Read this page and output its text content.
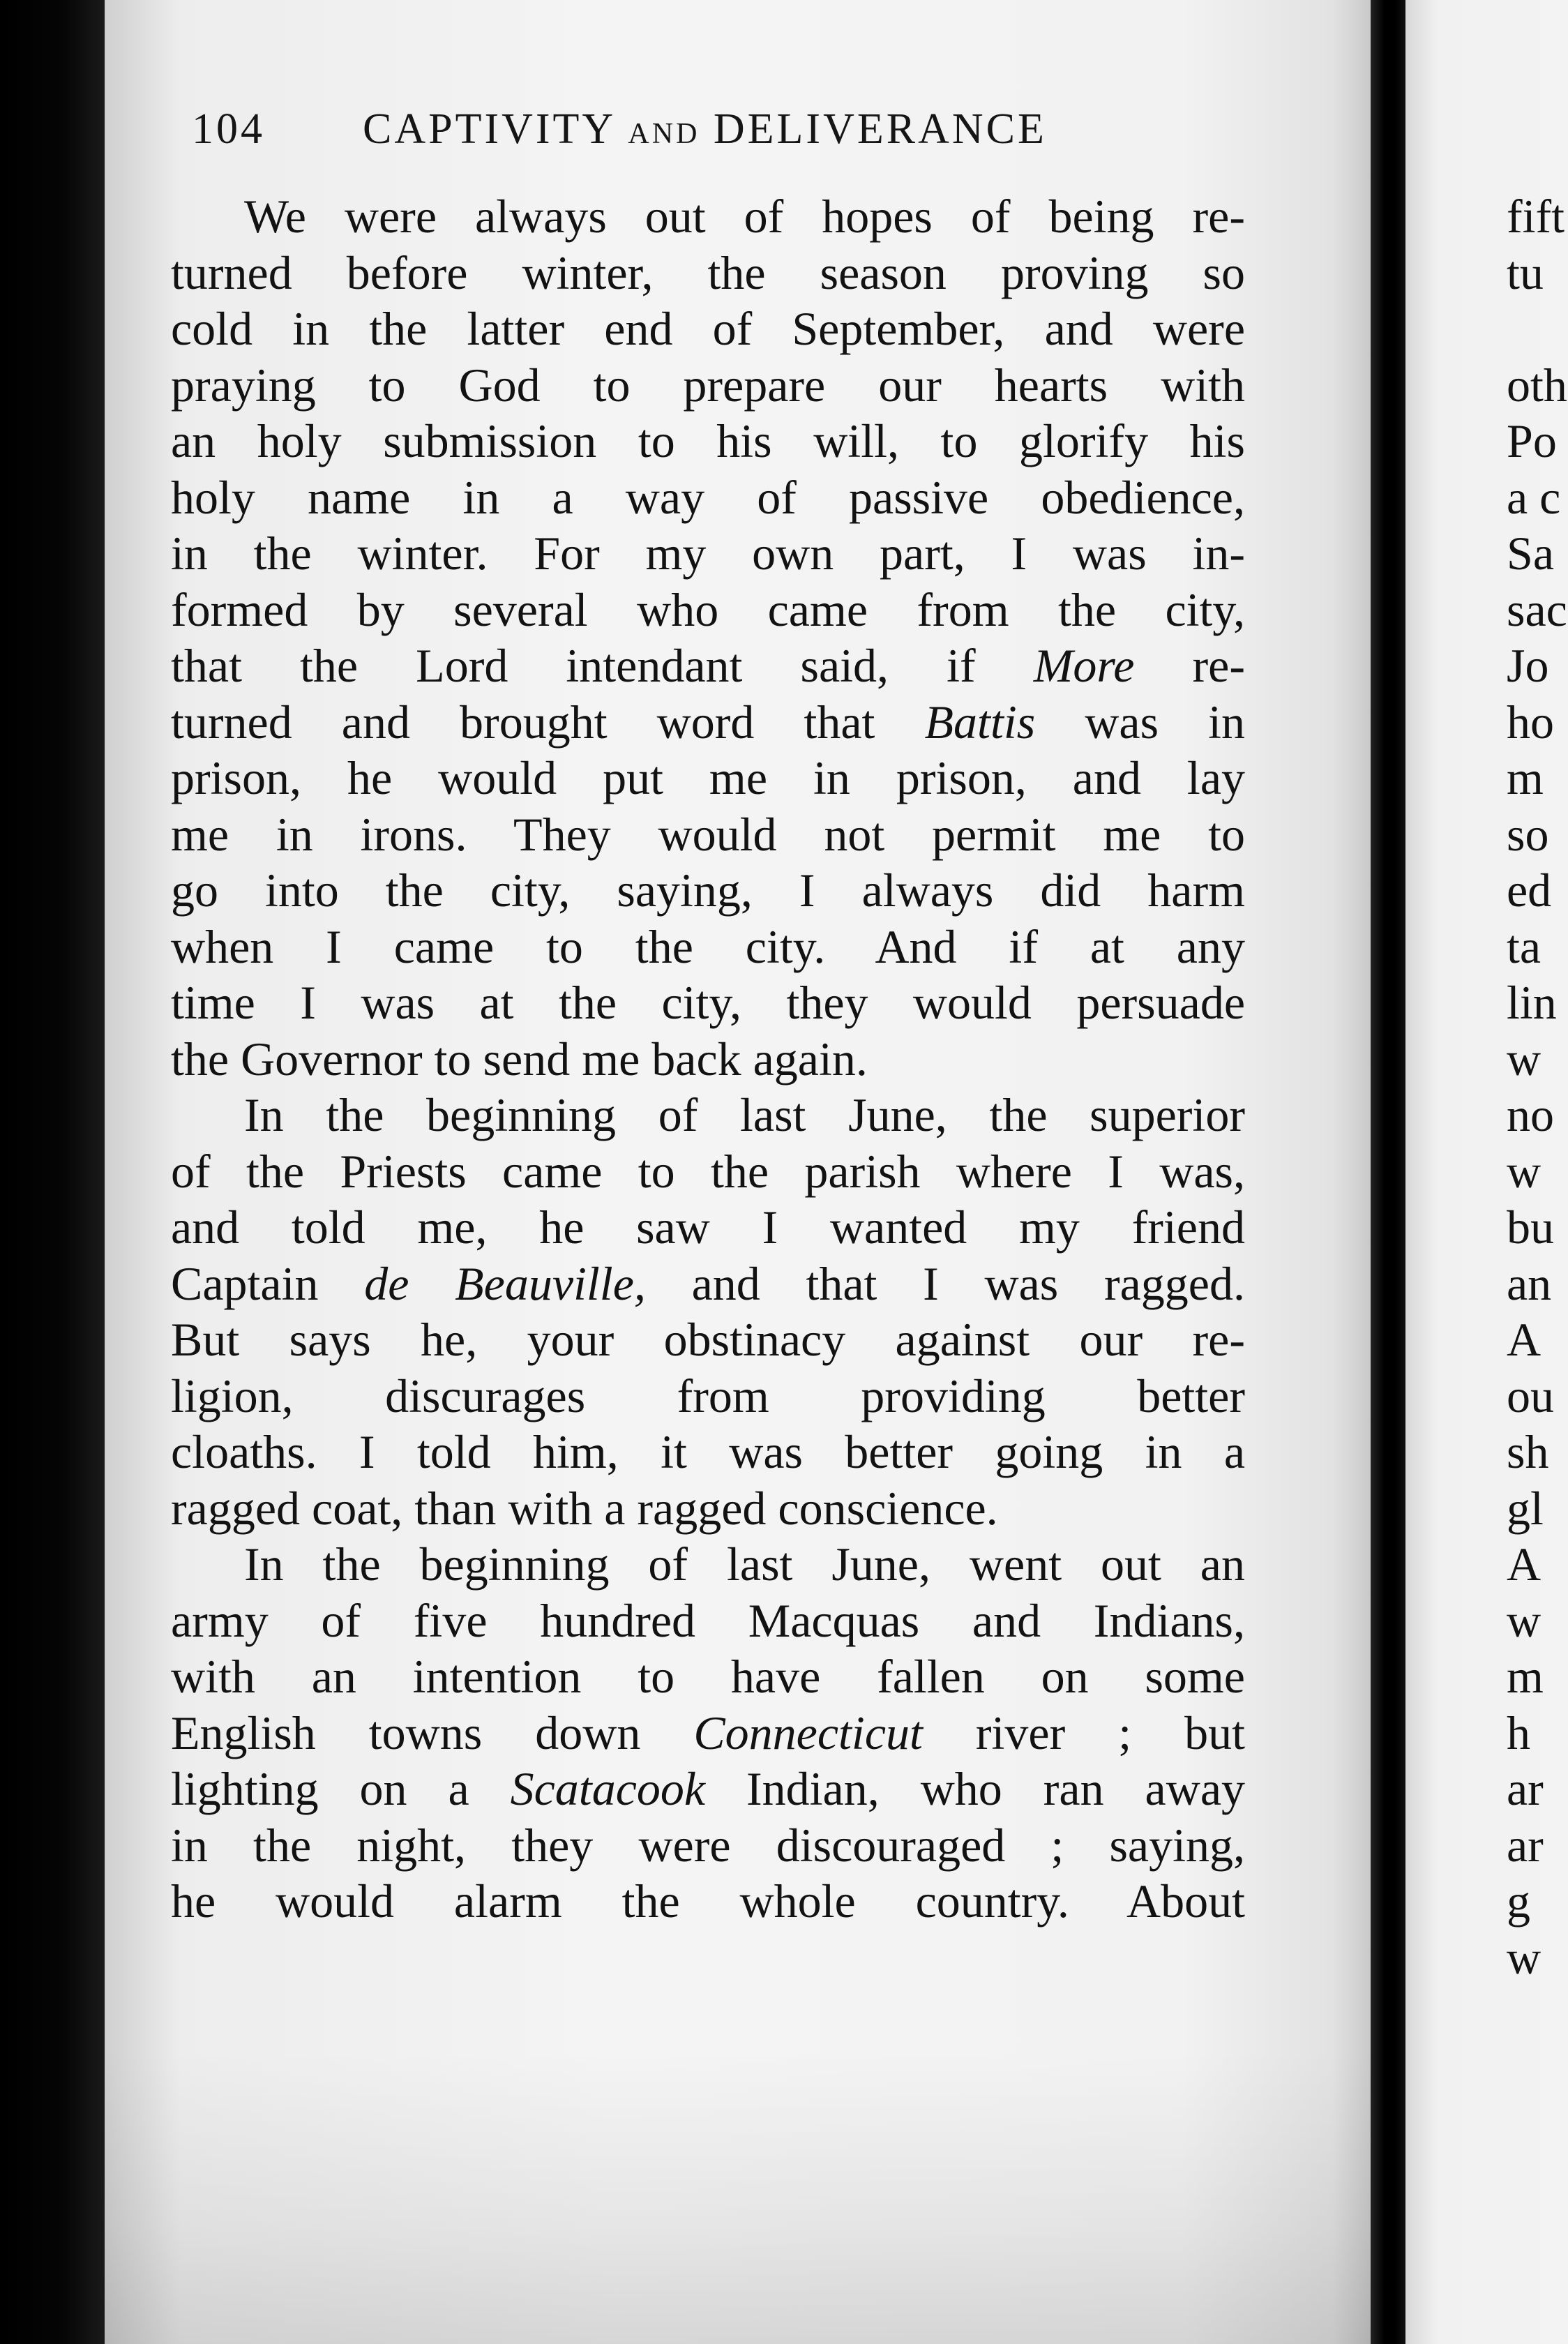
104 CAPTIVITY AND DELIVERANCE
We were always out of hopes of being re-
turned before winter, the season proving so
cold in the latter end of September, and were
praying to God to prepare our hearts with
an holy submission to his will, to glorify his
holy name in a way of passive obedience,
in the winter. For my own part, I was in-
formed by several who came from the city,
that the Lord intendant said, if More re-
turned and brought word that Battis was in
prison, he would put me in prison, and lay
me in irons. They would not permit me to
go into the city, saying, I always did harm
when I came to the city. And if at any
time I was at the city, they would persuade
the Governor to send me back again.
In the beginning of last June, the superior
of the Priests came to the parish where I was,
and told me, he saw I wanted my friend
Captain de Beauville, and that I was ragged.
But says he, your obstinacy against our re-
ligion, discurages from providing better
cloaths. I told him, it was better going in a
ragged coat, than with a ragged conscience.
In the beginning of last June, went out an
army of five hundred Macquas and Indians,
with an intention to have fallen on some
English towns down Connecticut river ; but
lighting on a Scatacook Indian, who ran away
in the night, they were discouraged ; saying,
he would alarm the whole country. About
fift
tu
oth
Po
a c
Sa
sac
Jo
ho
m
so
ed
ta
lin
w
no
w
bu
an
A
ou
sh
gl
A
w
m
h
ar
ar
g
w
